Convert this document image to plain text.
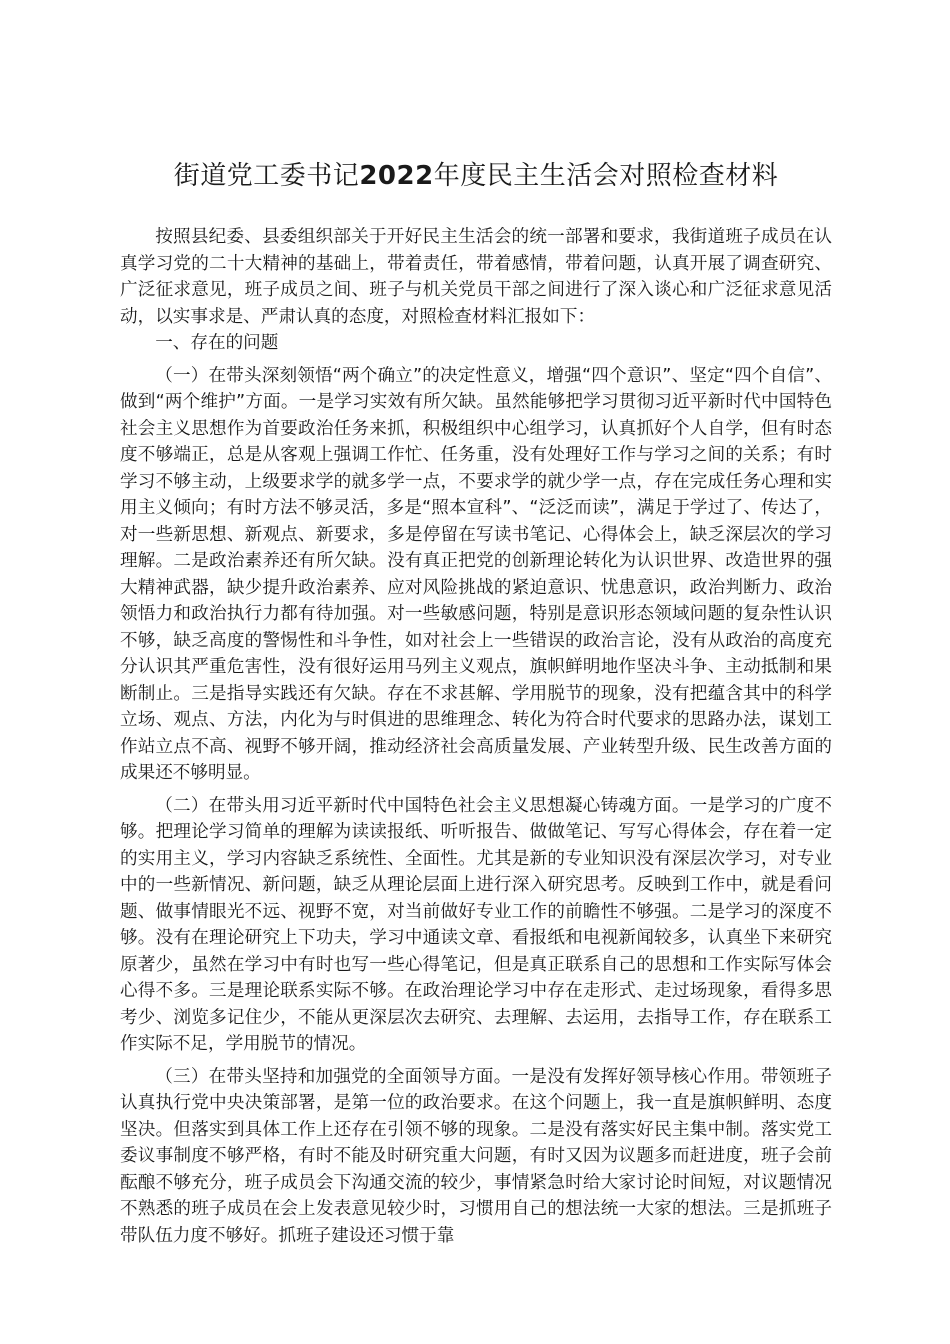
街道党工委书记2022年度民主生活会对照检查材料

按照县纪委、县委组织部关于开好民主生活会的统一部署和要求，我街道班子成员在认真学习党的二十大精神的基础上，带着责任，带着感情，带着问题，认真开展了调查研究、广泛征求意见，班子成员之间、班子与机关党员干部之间进行了深入谈心和广泛征求意见活动，以实事求是、严肃认真的态度，对照检查材料汇报如下：

一、存在的问题

（一）在带头深刻领悟“两个确立”的决定性意义，增强“四个意识”、坚定“四个自信”、做到“两个维护”方面。一是学习实效有所欠缺。虽然能够把学习贯彻习近平新时代中国特色社会主义思想作为首要政治任务来抓，积极组织中心组学习，认真抓好个人自学，但有时态度不够端正，总是从客观上强调工作忙、任务重，没有处理好工作与学习之间的关系；有时学习不够主动，上级要求学的就多学一点，不要求学的就少学一点，存在完成任务心理和实用主义倾向；有时方法不够灵活，多是“照本宣科”、“泛泛而读”，满足于学过了、传达了，对一些新思想、新观点、新要求，多是停留在写读书笔记、心得体会上，缺乏深层次的学习理解。二是政治素养还有所欠缺。没有真正把党的创新理论转化为认识世界、改造世界的强大精神武器，缺少提升政治素养、应对风险挑战的紧迫意识、忧患意识，政治判断力、政治领悟力和政治执行力都有待加强。对一些敏感问题，特别是意识形态领域问题的复杂性认识不够，缺乏高度的警惕性和斗争性，如对社会上一些错误的政治言论，没有从政治的高度充分认识其严重危害性，没有很好运用马列主义观点，旗帜鲜明地作坚决斗争、主动抵制和果断制止。三是指导实践还有欠缺。存在不求甚解、学用脱节的现象，没有把蕴含其中的科学立场、观点、方法，内化为与时俱进的思维理念、转化为符合时代要求的思路办法，谋划工作站立点不高、视野不够开阔，推动经济社会高质量发展、产业转型升级、民生改善方面的成果还不够明显。

（二）在带头用习近平新时代中国特色社会主义思想凝心铸魂方面。一是学习的广度不够。把理论学习简单的理解为读读报纸、听听报告、做做笔记、写写心得体会，存在着一定的实用主义，学习内容缺乏系统性、全面性。尤其是新的专业知识没有深层次学习，对专业中的一些新情况、新问题，缺乏从理论层面上进行深入研究思考。反映到工作中，就是看问题、做事情眼光不远、视野不宽，对当前做好专业工作的前瞻性不够强。二是学习的深度不够。没有在理论研究上下功夫，学习中通读文章、看报纸和电视新闻较多，认真坐下来研究原著少，虽然在学习中有时也写一些心得笔记，但是真正联系自己的思想和工作实际写体会心得不多。三是理论联系实际不够。在政治理论学习中存在走形式、走过场现象，看得多思考少、浏览多记住少，不能从更深层次去研究、去理解、去运用，去指导工作，存在联系工作实际不足，学用脱节的情况。

（三）在带头坚持和加强党的全面领导方面。一是没有发挥好领导核心作用。带领班子认真执行党中央决策部署，是第一位的政治要求。在这个问题上，我一直是旗帜鲜明、态度坚决。但落实到具体工作上还存在引领不够的现象。二是没有落实好民主集中制。落实党工委议事制度不够严格，有时不能及时研究重大问题，有时又因为议题多而赶进度，班子会前酝酿不够充分，班子成员会下沟通交流的较少，事情紧急时给大家讨论时间短，对议题情况不熟悉的班子成员在会上发表意见较少时，习惯用自己的想法统一大家的想法。三是抓班子带队伍力度不够好。抓班子建设还习惯于靠
